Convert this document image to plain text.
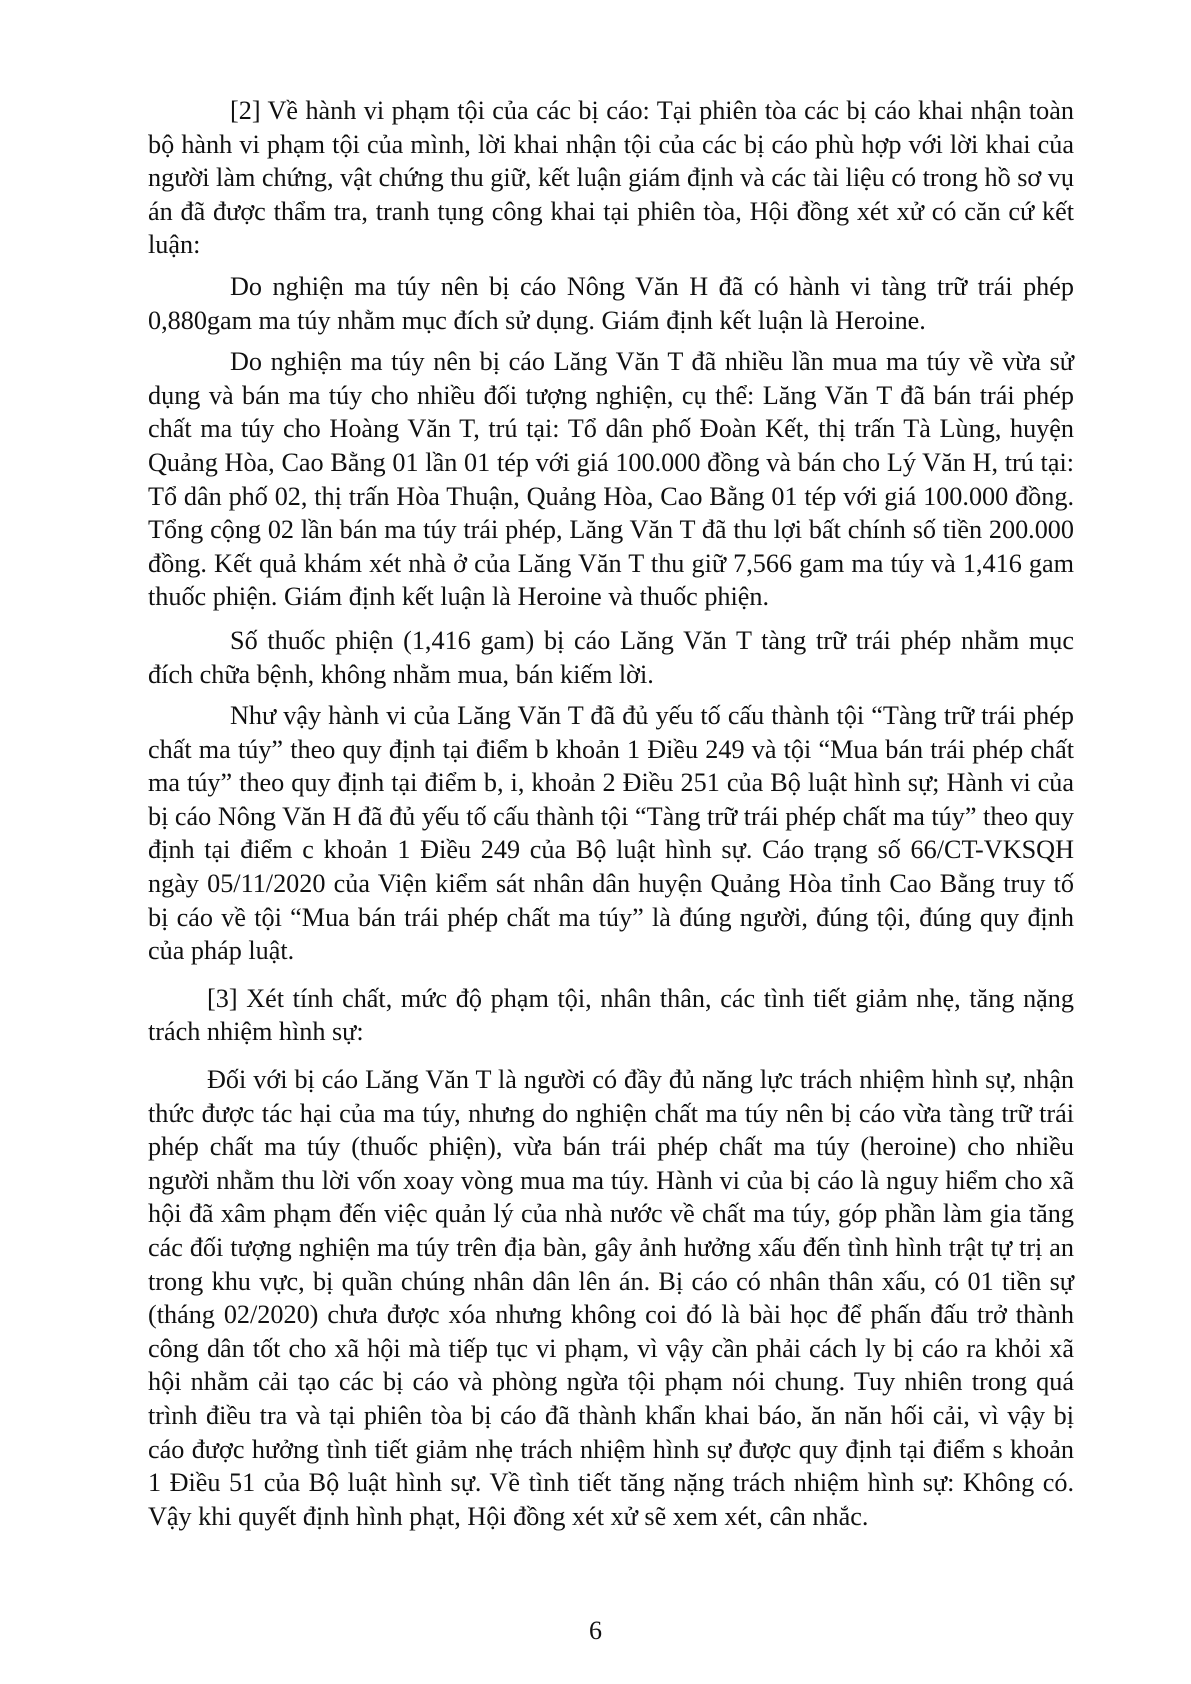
[2] Về hành vi phạm tội của các bị cáo: Tại phiên tòa các bị cáo khai nhận toàn bộ hành vi phạm tội của mình, lời khai nhận tội của các bị cáo phù hợp với lời khai của người làm chứng, vật chứng thu giữ, kết luận giám định và các tài liệu có trong hồ sơ vụ án đã được thẩm tra, tranh tụng công khai tại phiên tòa, Hội đồng xét xử có căn cứ kết luận:

Do nghiện ma túy nên bị cáo Nông Văn H đã có hành vi tàng trữ trái phép 0,880gam ma túy nhằm mục đích sử dụng. Giám định kết luận là Heroine.

Do nghiện ma túy nên bị cáo Lăng Văn T đã nhiều lần mua ma túy về vừa sử dụng và bán ma túy cho nhiều đối tượng nghiện, cụ thể: Lăng Văn T đã bán trái phép chất ma túy cho Hoàng Văn T, trú tại: Tổ dân phố Đoàn Kết, thị trấn Tà Lùng, huyện Quảng Hòa, Cao Bằng 01 lần 01 tép với giá 100.000 đồng và bán cho Lý Văn H, trú tại: Tổ dân phố 02, thị trấn Hòa Thuận, Quảng Hòa, Cao Bằng 01 tép với giá 100.000 đồng. Tổng cộng 02 lần bán ma túy trái phép, Lăng Văn T đã thu lợi bất chính số tiền 200.000 đồng. Kết quả khám xét nhà ở của Lăng Văn T thu giữ 7,566 gam ma túy và 1,416 gam thuốc phiện. Giám định kết luận là Heroine và thuốc phiện.

Số thuốc phiện (1,416 gam) bị cáo Lăng Văn T tàng trữ trái phép nhằm mục đích chữa bệnh, không nhằm mua, bán kiếm lời.

Như vậy hành vi của Lăng Văn T đã đủ yếu tố cấu thành tội “Tàng trữ trái phép chất ma túy” theo quy định tại điểm b khoản 1 Điều 249 và tội “Mua bán trái phép chất ma túy” theo quy định tại điểm b, i, khoản 2 Điều 251 của Bộ luật hình sự; Hành vi của bị cáo Nông Văn H đã đủ yếu tố cấu thành tội “Tàng trữ trái phép chất ma túy” theo quy định tại điểm c khoản 1 Điều 249 của Bộ luật hình sự. Cáo trạng số 66/CT-VKSQH ngày 05/11/2020 của Viện kiểm sát nhân dân huyện Quảng Hòa tỉnh Cao Bằng truy tố bị cáo về tội “Mua bán trái phép chất ma túy” là đúng người, đúng tội, đúng quy định của pháp luật.

[3] Xét tính chất, mức độ phạm tội, nhân thân, các tình tiết giảm nhẹ, tăng nặng trách nhiệm hình sự:

Đối với bị cáo Lăng Văn T là người có đầy đủ năng lực trách nhiệm hình sự, nhận thức được tác hại của ma túy, nhưng do nghiện chất ma túy nên bị cáo vừa tàng trữ trái phép chất ma túy (thuốc phiện), vừa bán trái phép chất ma túy (heroine) cho nhiều người nhằm thu lời vốn xoay vòng mua ma túy. Hành vi của bị cáo là nguy hiểm cho xã hội đã xâm phạm đến việc quản lý của nhà nước về chất ma túy, góp phần làm gia tăng các đối tượng nghiện ma túy trên địa bàn, gây ảnh hưởng xấu đến tình hình trật tự trị an trong khu vực, bị quần chúng nhân dân lên án. Bị cáo có nhân thân xấu, có 01 tiền sự (tháng 02/2020) chưa được xóa nhưng không coi đó là bài học để phấn đấu trở thành công dân tốt cho xã hội mà tiếp tục vi phạm, vì vậy cần phải cách ly bị cáo ra khỏi xã hội nhằm cải tạo các bị cáo và phòng ngừa tội phạm nói chung. Tuy nhiên trong quá trình điều tra và tại phiên tòa bị cáo đã thành khẩn khai báo, ăn năn hối cải, vì vậy bị cáo được hưởng tình tiết giảm nhẹ trách nhiệm hình sự được quy định tại điểm s khoản 1 Điều 51 của Bộ luật hình sự. Về tình tiết tăng nặng trách nhiệm hình sự: Không có. Vậy khi quyết định hình phạt, Hội đồng xét xử sẽ xem xét, cân nhắc.

6
